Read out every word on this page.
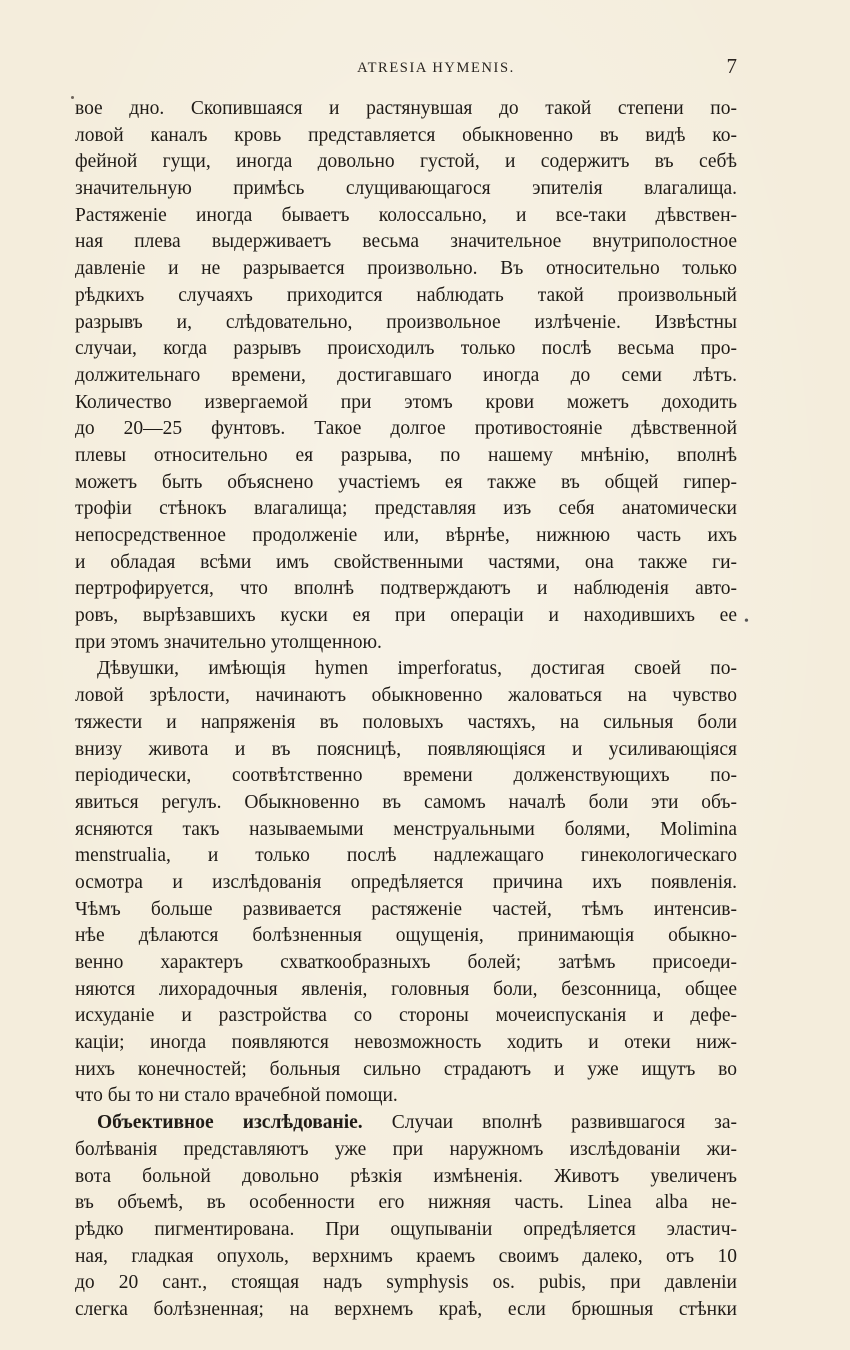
ATRESIA HYMENIS.	7
вое дно. Скопившаяся и растянувшая до такой степени по-
ловой каналъ кровь представляется обыкновенно въ видѣ ко-
фейной гущи, иногда довольно густой, и содержитъ въ себѣ
значительную примѣсь слущивающагося эпителія влагалища.
Растяженіе иногда бываетъ колоссально, и все-таки дѣвствен-
ная плева выдерживаетъ весьма значительное внутриполостное
давленіе и не разрывается произвольно. Въ относительно только
рѣдкихъ случаяхъ приходится наблюдать такой произвольный
разрывъ и, слѣдовательно, произвольное излѣченіе. Извѣстны
случаи, когда разрывъ происходилъ только послѣ весьма про-
должительнаго времени, достигавшаго иногда до семи лѣтъ.
Количество извергаемой при этомъ крови можетъ доходить
до 20—25 фунтовъ. Такое долгое противостояніе дѣвственной
плевы относительно ея разрыва, по нашему мнѣнію, вполнѣ
можетъ быть объяснено участіемъ ея также въ общей гипер-
трофіи стѣнокъ влагалища; представляя изъ себя анатомически
непосредственное продолженіе или, вѣрнѣе, нижнюю часть ихъ
и обладая всѣми имъ свойственными частями, она также ги-
пертрофируется, что вполнѣ подтверждаютъ и наблюденія авто-
ровъ, вырѣзавшихъ куски ея при операціи и находившихъ ее
при этомъ значительно утолщенною.
Дѣвушки, имѣющія hymen imperforatus, достигая своей по-
ловой зрѣлости, начинаютъ обыкновенно жаловаться на чувство
тяжести и напряженія въ половыхъ частяхъ, на сильныя боли
внизу живота и въ поясницѣ, появляющіяся и усиливающіяся
періодически, соотвѣтственно времени долженствующихъ по-
явиться регулъ. Обыкновенно въ самомъ началѣ боли эти объ-
ясняются такъ называемыми менструальными болями, Molimina
menstrualia, и только послѣ надлежащаго гинекологическаго
осмотра и изслѣдованія опредѣляется причина ихъ появленія.
Чѣмъ больше развивается растяженіе частей, тѣмъ интенсив-
нѣе дѣлаются болѣзненныя ощущенія, принимающія обыкно-
венно характеръ схваткообразныхъ болей; затѣмъ присоеди-
няются лихорадочныя явленія, головныя боли, безсонница, общее
исхуданіе и разстройства со стороны мочеиспусканія и дефе-
каціи; иногда появляются невозможность ходить и отеки ниж-
нихъ конечностей; больныя сильно страдаютъ и уже ищутъ во
что бы то ни стало врачебной помощи.
Объективное изслѣдованіе. Случаи вполнѣ развившагося за-
болѣванія представляютъ уже при наружномъ изслѣдованіи жи-
вота больной довольно рѣзкія измѣненія. Животъ увеличенъ
въ объемѣ, въ особенности его нижняя часть. Linea alba не-
рѣдко пигментирована. При ощупываніи опредѣляется эластич-
ная, гладкая опухоль, верхнимъ краемъ своимъ далеко, отъ 10
до 20 сант., стоящая надъ symphysis os. pubis, при давленіи
слегка болѣзненная; на верхнемъ краѣ, если брюшныя стѣнки
•
